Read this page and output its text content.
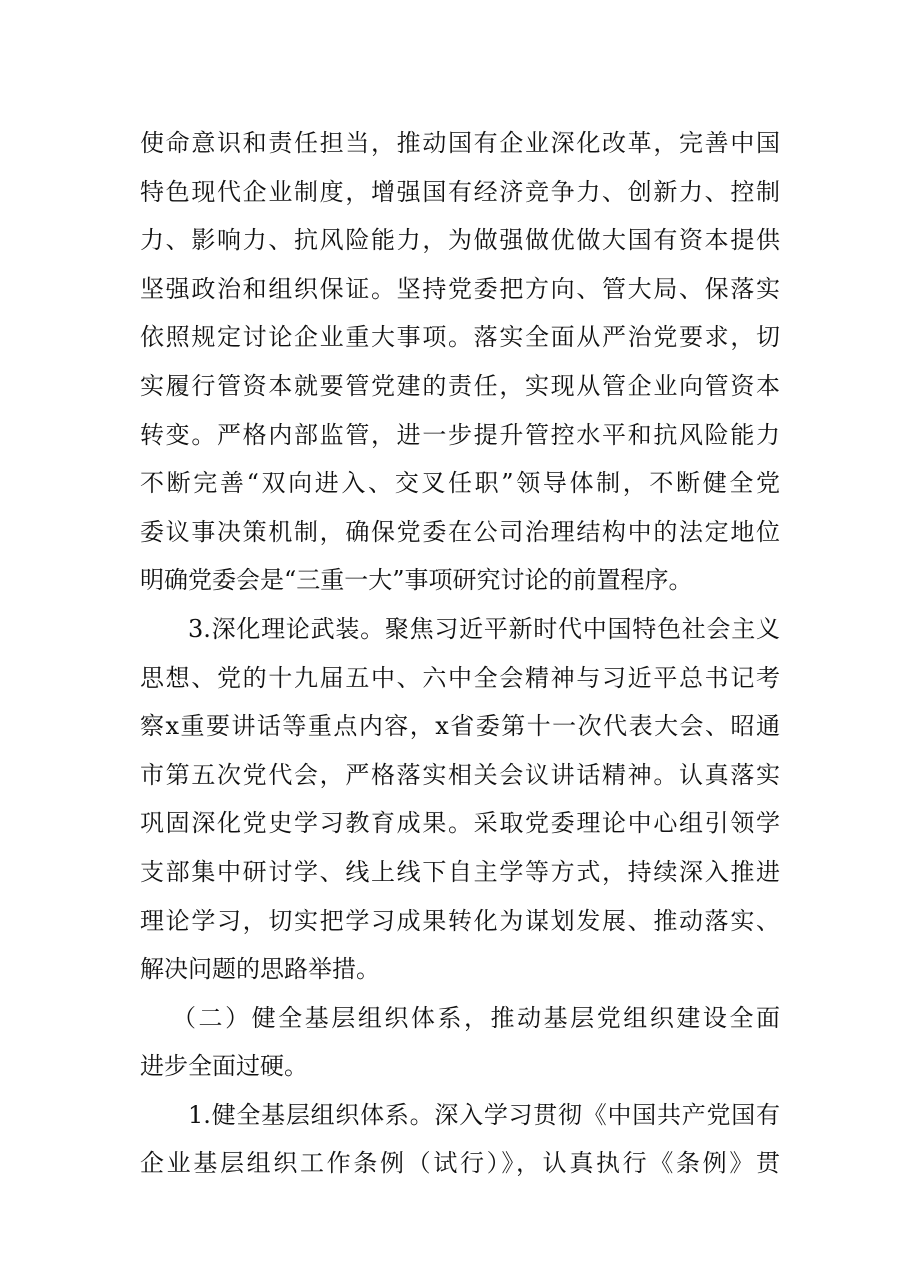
使命意识和责任担当，推动国有企业深化改革，完善中国
特色现代企业制度，增强国有经济竞争力、创新力、控制
力、影响力、抗风险能力，为做强做优做大国有资本提供
坚强政治和组织保证。坚持党委把方向、管大局、保落实
依照规定讨论企业重大事项。落实全面从严治党要求，切
实履行管资本就要管党建的责任，实现从管企业向管资本
转变。严格内部监管，进一步提升管控水平和抗风险能力
不断完善“双向进入、交叉任职”领导体制，不断健全党
委议事决策机制，确保党委在公司治理结构中的法定地位
明确党委会是“三重一大”事项研究讨论的前置程序。
3.深化理论武装。聚焦习近平新时代中国特色社会主义
思想、党的十九届五中、六中全会精神与习近平总书记考
察x重要讲话等重点内容，x省委第十一次代表大会、昭通
市第五次党代会，严格落实相关会议讲话精神。认真落实
巩固深化党史学习教育成果。采取党委理论中心组引领学
支部集中研讨学、线上线下自主学等方式，持续深入推进
理论学习，切实把学习成果转化为谋划发展、推动落实、
解决问题的思路举措。
（二）健全基层组织体系，推动基层党组织建设全面
进步全面过硬。
1.健全基层组织体系。深入学习贯彻《中国共产党国有
企业基层组织工作条例（试行）》，认真执行《条例》贯
